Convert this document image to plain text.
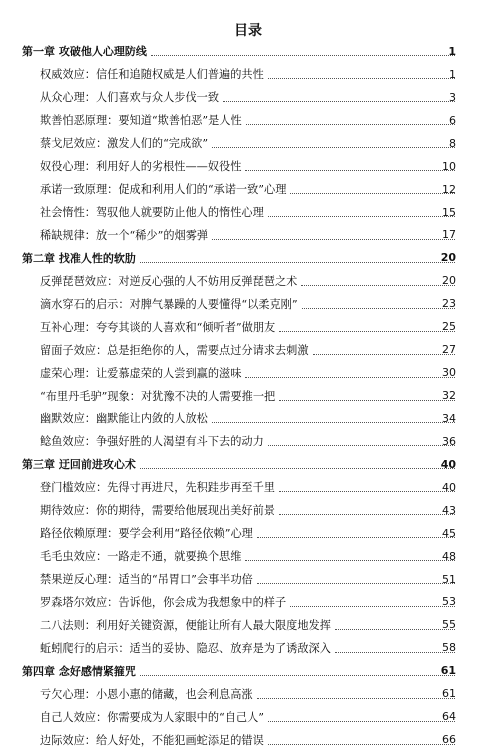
目录
第一章 攻破他人心理防线	1
权威效应：信任和追随权威是人们普遍的共性	1
从众心理：人们喜欢与众人步伐一致	3
欺善怕恶原理：要知道“欺善怕恶”是人性	6
蔡戈尼效应：激发人们的“完成欲”	8
奴役心理：利用好人的劣根性——奴役性	10
承诺一致原理：促成和利用人们的“承诺一致”心理	12
社会惰性：驾驭他人就要防止他人的惰性心理	15
稀缺规律：放一个“稀少”的烟雾弹	17
第二章 找准人性的软肋	20
反弹琵琶效应：对逆反心强的人不妨用反弹琵琶之术	20
滴水穿石的启示：对脾气暴躁的人要懂得“以柔克刚”	23
互补心理：夸夸其谈的人喜欢和“倾听者”做朋友	25
留面子效应：总是拒绝你的人，需要点过分请求去刺激	27
虚荣心理：让爱慕虚荣的人尝到赢的滋味	30
“布里丹毛驴”现象：对犹豫不决的人需要推一把	32
幽默效应：幽默能让内敛的人放松	34
鲶鱼效应：争强好胜的人渴望有斗下去的动力	36
第三章 迂回前进攻心术	40
登门槛效应：先得寸再进尺，先积跬步再至千里	40
期待效应：你的期待，需要给他展现出美好前景	43
路径依赖原理：要学会利用“路径依赖”心理	45
毛毛虫效应：一路走不通，就要换个思维	48
禁果逆反心理：适当的“吊胃口”会事半功倍	51
罗森塔尔效应：告诉他，你会成为我想象中的样子	53
二八法则：利用好关键资源，便能让所有人最大限度地发挥	55
蚯蚓爬行的启示：适当的妥协、隐忍、放弃是为了诱敌深入	58
第四章 念好感情紧箍咒	61
亏欠心理：小恩小惠的储藏，也会利息高涨	61
自己人效应：你需要成为人家眼中的“自己人”	64
边际效应：给人好处，不能犯画蛇添足的错误	66
